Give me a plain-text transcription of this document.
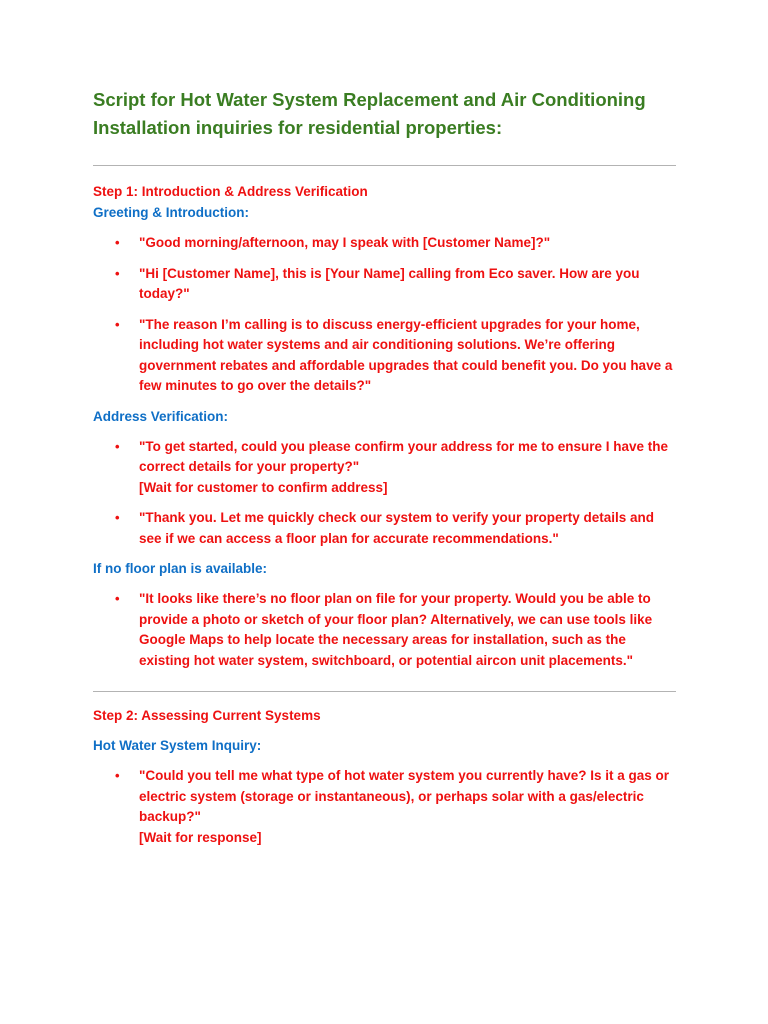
Script for Hot Water System Replacement and Air Conditioning Installation inquiries for residential properties:

Step 1: Introduction & Address Verification

Greeting & Introduction:

• "Good morning/afternoon, may I speak with [Customer Name]?"
• "Hi [Customer Name], this is [Your Name] calling from Eco saver. How are you today?"
• "The reason I’m calling is to discuss energy-efficient upgrades for your home, including hot water systems and air conditioning solutions. We’re offering government rebates and affordable upgrades that could benefit you. Do you have a few minutes to go over the details?"

Address Verification:

• "To get started, could you please confirm your address for me to ensure I have the correct details for your property?"
[Wait for customer to confirm address]
• "Thank you. Let me quickly check our system to verify your property details and see if we can access a floor plan for accurate recommendations."

If no floor plan is available:

• "It looks like there’s no floor plan on file for your property. Would you be able to provide a photo or sketch of your floor plan? Alternatively, we can use tools like Google Maps to help locate the necessary areas for installation, such as the existing hot water system, switchboard, or potential aircon unit placements."

Step 2: Assessing Current Systems

Hot Water System Inquiry:

• "Could you tell me what type of hot water system you currently have? Is it a gas or electric system (storage or instantaneous), or perhaps solar with a gas/electric backup?"
[Wait for response]
